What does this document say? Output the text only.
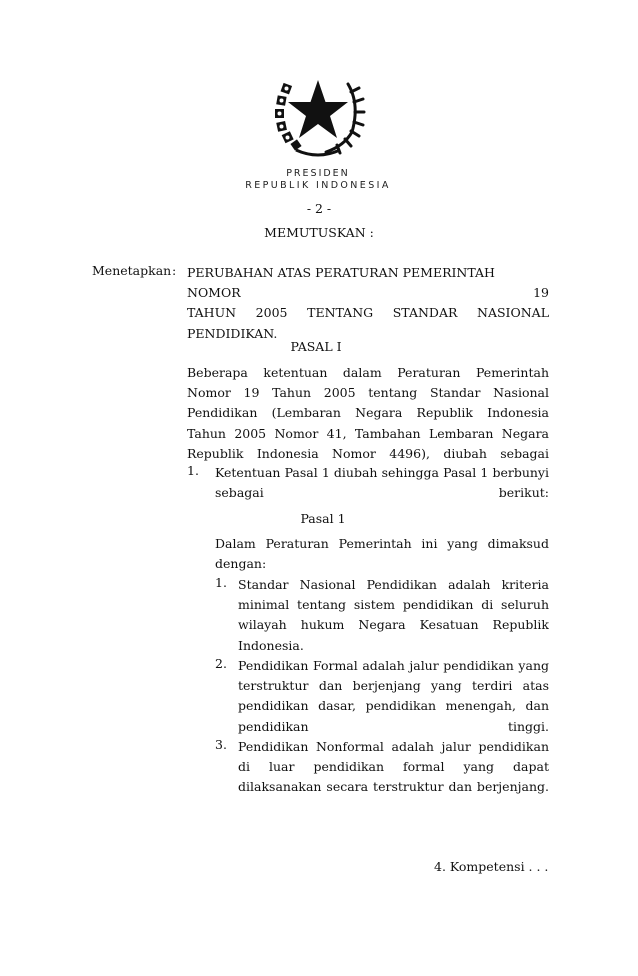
PRESIDEN
REPUBLIK INDONESIA
- 2 -
MEMUTUSKAN :
Menetapkan : PERUBAHAN ATAS PERATURAN PEMERINTAH NOMOR 19
TAHUN 2005 TENTANG STANDAR NASIONAL
PENDIDIKAN.
PASAL I
Beberapa ketentuan dalam Peraturan Pemerintah Nomor 19 Tahun 2005 tentang Standar Nasional Pendidikan (Lembaran Negara Republik Indonesia Tahun 2005 Nomor 41, Tambahan Lembaran Negara Republik Indonesia Nomor 4496), diubah sebagai
1. Ketentuan Pasal 1 diubah sehingga Pasal 1 berbunyi sebagai berikut:
Pasal 1
Dalam Peraturan Pemerintah ini yang dimaksud dengan:
1. Standar Nasional Pendidikan adalah kriteria minimal tentang sistem pendidikan di seluruh wilayah hukum Negara Kesatuan Republik Indonesia.
2. Pendidikan Formal adalah jalur pendidikan yang terstruktur dan berjenjang yang terdiri atas pendidikan dasar, pendidikan menengah, dan pendidikan tinggi.
3. Pendidikan Nonformal adalah jalur pendidikan di luar pendidikan formal yang dapat dilaksanakan secara terstruktur dan berjenjang.
4. Kompetensi . . .
